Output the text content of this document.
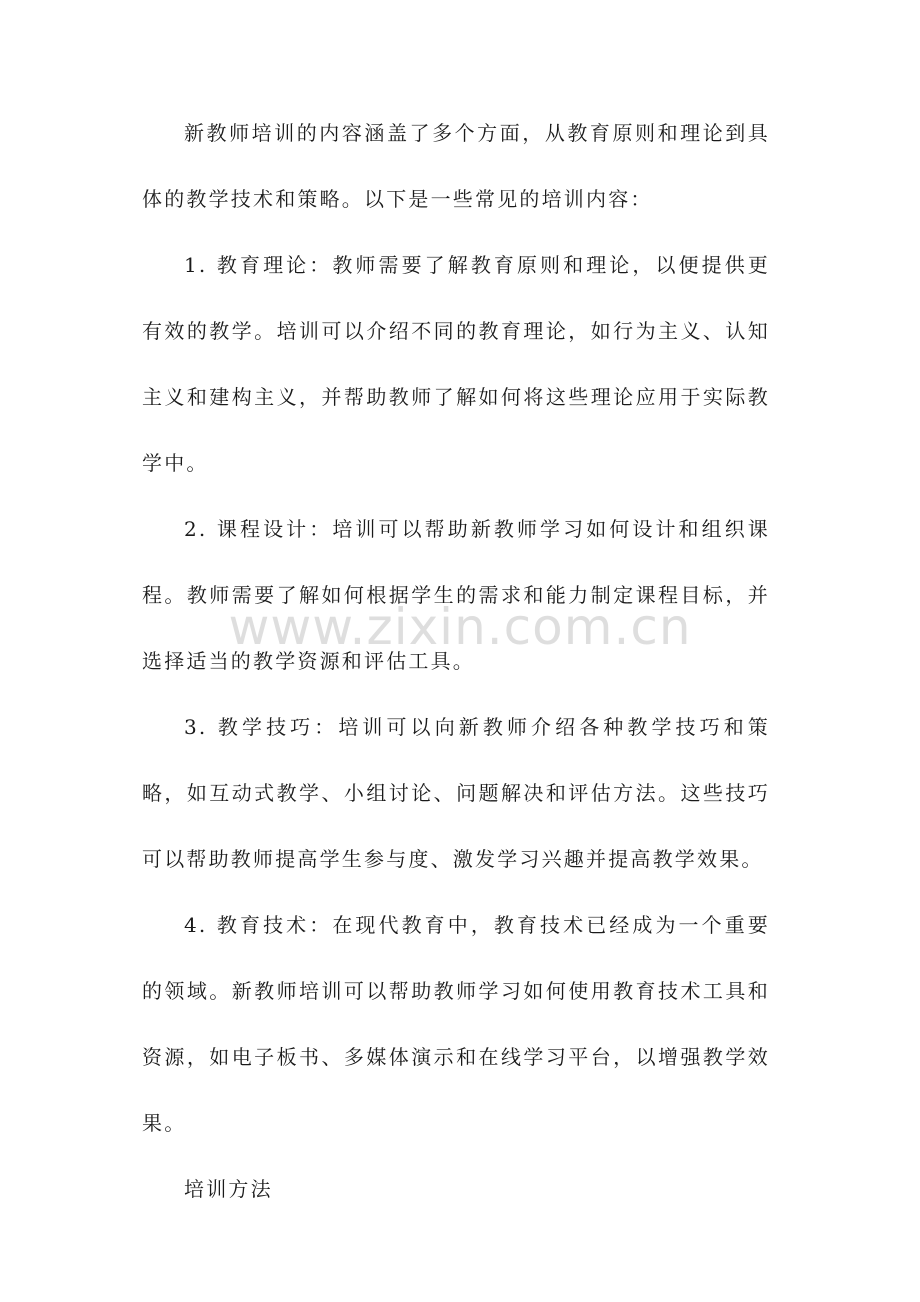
新教师培训的内容涵盖了多个方面，从教育原则和理论到具体的教学技术和策略。以下是一些常见的培训内容：

1. 教育理论：教师需要了解教育原则和理论，以便提供更有效的教学。培训可以介绍不同的教育理论，如行为主义、认知主义和建构主义，并帮助教师了解如何将这些理论应用于实际教学中。

2. 课程设计：培训可以帮助新教师学习如何设计和组织课程。教师需要了解如何根据学生的需求和能力制定课程目标，并选择适当的教学资源和评估工具。

3. 教学技巧：培训可以向新教师介绍各种教学技巧和策略，如互动式教学、小组讨论、问题解决和评估方法。这些技巧可以帮助教师提高学生参与度、激发学习兴趣并提高教学效果。

4. 教育技术：在现代教育中，教育技术已经成为一个重要的领域。新教师培训可以帮助教师学习如何使用教育技术工具和资源，如电子板书、多媒体演示和在线学习平台，以增强教学效果。

培训方法

www.zixin.com.cn
